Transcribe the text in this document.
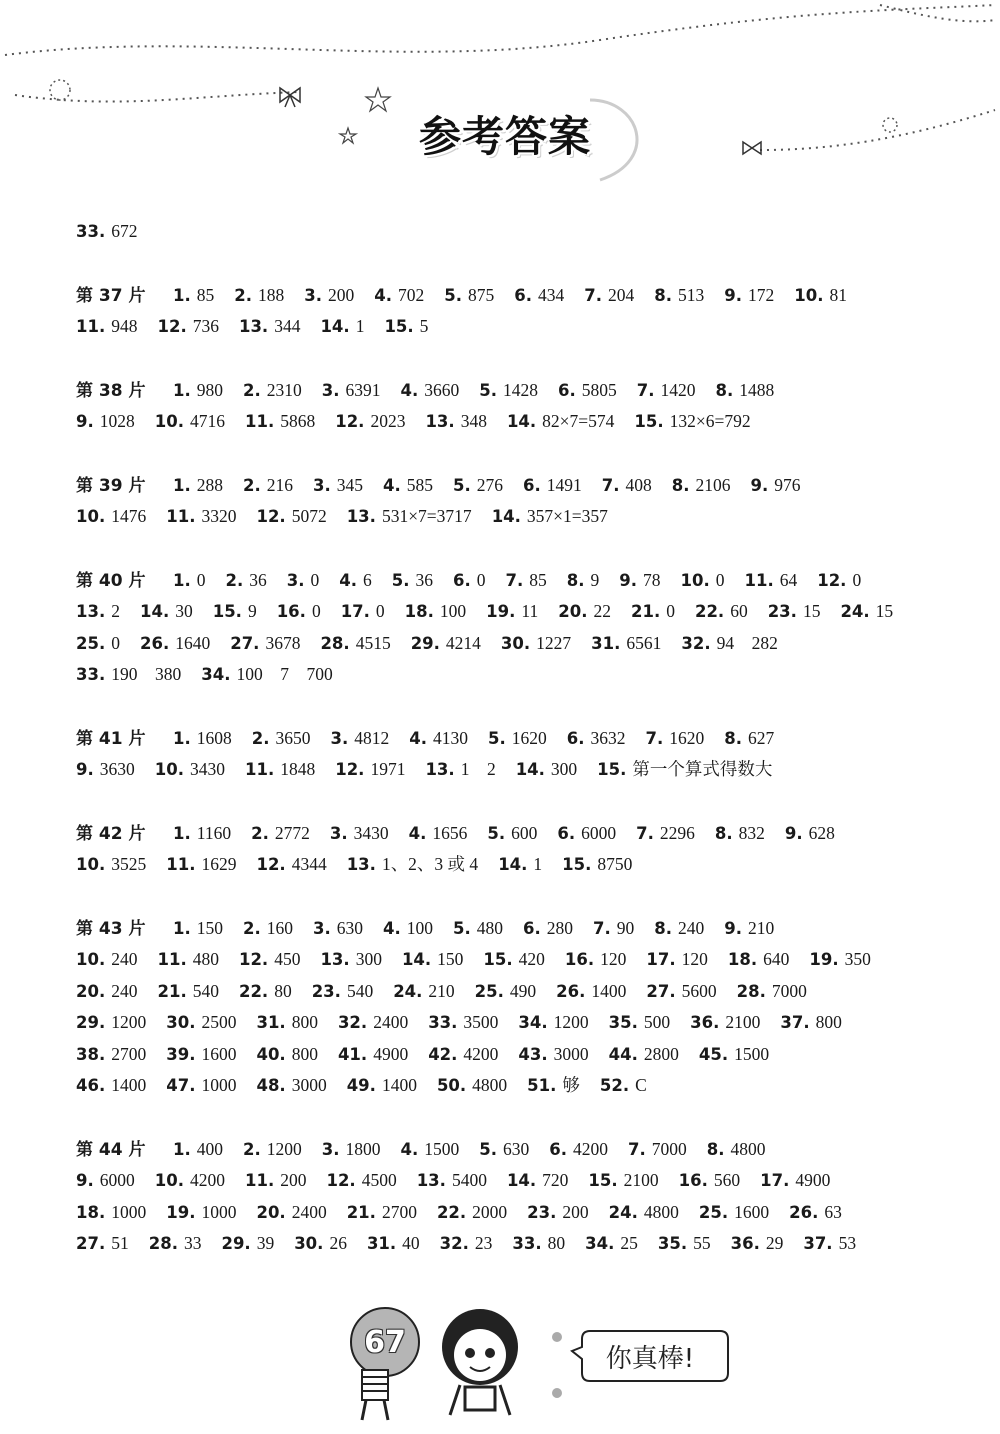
参考答案
33. 672
第 37 片 1. 85 2. 188 3. 200 4. 702 5. 875 6. 434 7. 204 8. 513 9. 172 10. 81
11. 948 12. 736 13. 344 14. 1 15. 5
第 38 片 1. 980 2. 2310 3. 6391 4. 3660 5. 1428 6. 5805 7. 1420 8. 1488
9. 1028 10. 4716 11. 5868 12. 2023 13. 348 14. 82×7=574 15. 132×6=792
第 39 片 1. 288 2. 216 3. 345 4. 585 5. 276 6. 1491 7. 408 8. 2106 9. 976
10. 1476 11. 3320 12. 5072 13. 531×7=3717 14. 357×1=357
第 40 片 1. 0 2. 36 3. 0 4. 6 5. 36 6. 0 7. 85 8. 9 9. 78 10. 0 11. 64 12. 0
13. 2 14. 30 15. 9 16. 0 17. 0 18. 100 19. 11 20. 22 21. 0 22. 60 23. 15 24. 15
25. 0 26. 1640 27. 3678 28. 4515 29. 4214 30. 1227 31. 6561 32. 94    282
33. 190    380 34. 100    7    700
第 41 片 1. 1608 2. 3650 3. 4812 4. 4130 5. 1620 6. 3632 7. 1620 8. 627
9. 3630 10. 3430 11. 1848 12. 1971 13. 1    2 14. 300 15. 第一个算式得数大
第 42 片 1. 1160 2. 2772 3. 3430 4. 1656 5. 600 6. 6000 7. 2296 8. 832 9. 628
10. 3525 11. 1629 12. 4344 13. 1、2、3 或 4 14. 1 15. 8750
第 43 片 1. 150 2. 160 3. 630 4. 100 5. 480 6. 280 7. 90 8. 240 9. 210
10. 240 11. 480 12. 450 13. 300 14. 150 15. 420 16. 120 17. 120 18. 640 19. 350
20. 240 21. 540 22. 80 23. 540 24. 210 25. 490 26. 1400 27. 5600 28. 7000
29. 1200 30. 2500 31. 800 32. 2400 33. 3500 34. 1200 35. 500 36. 2100 37. 800
38. 2700 39. 1600 40. 800 41. 4900 42. 4200 43. 3000 44. 2800 45. 1500
46. 1400 47. 1000 48. 3000 49. 1400 50. 4800 51. 够 52. C
第 44 片 1. 400 2. 1200 3. 1800 4. 1500 5. 630 6. 4200 7. 7000 8. 4800
9. 6000 10. 4200 11. 200 12. 4500 13. 5400 14. 720 15. 2100 16. 560 17. 4900
18. 1000 19. 1000 20. 2400 21. 2700 22. 2000 23. 200 24. 4800 25. 1600 26. 63
27. 51 28. 33 29. 39 30. 26 31. 40 32. 23 33. 80 34. 25 35. 55 36. 29 37. 53
67	你真棒!
